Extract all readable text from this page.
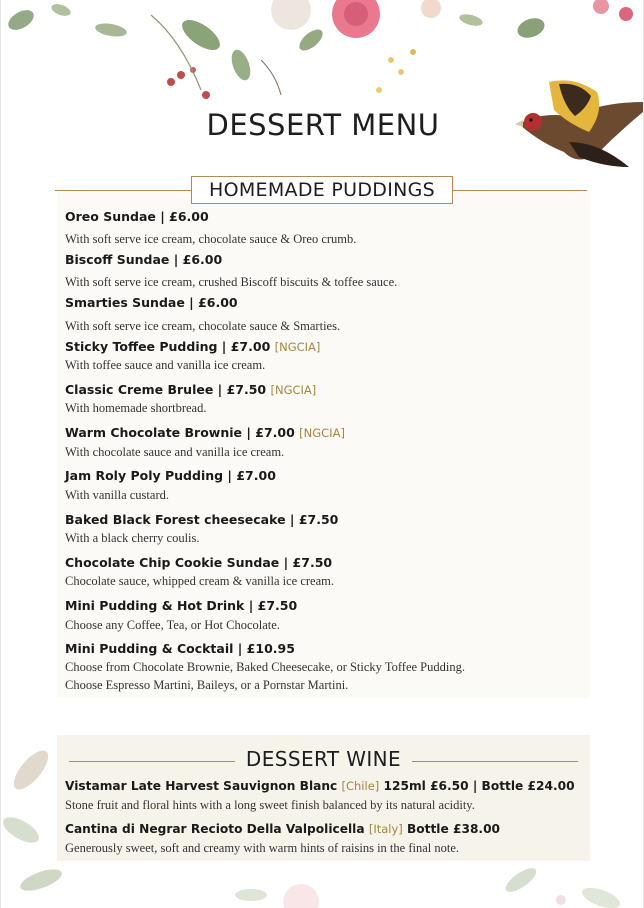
DESSERT MENU
HOMEMADE PUDDINGS
Oreo Sundae | £6.00
With soft serve ice cream, chocolate sauce & Oreo crumb.
Biscoff Sundae | £6.00
With soft serve ice cream, crushed Biscoff biscuits & toffee sauce.
Smarties Sundae | £6.00
With soft serve ice cream, chocolate sauce & Smarties.
Sticky Toffee Pudding | £7.00 [NGCIA]
With toffee sauce and vanilla ice cream.
Classic Creme Brulee | £7.50 [NGCIA]
With homemade shortbread.
Warm Chocolate Brownie | £7.00 [NGCIA]
With chocolate sauce and vanilla ice cream.
Jam Roly Poly Pudding | £7.00
With vanilla custard.
Baked Black Forest cheesecake | £7.50
With a black cherry coulis.
Chocolate Chip Cookie Sundae | £7.50
Chocolate sauce, whipped cream & vanilla ice cream.
Mini Pudding & Hot Drink | £7.50
Choose any Coffee, Tea, or Hot Chocolate.
Mini Pudding & Cocktail | £10.95
Choose from Chocolate Brownie, Baked Cheesecake, or Sticky Toffee Pudding.
Choose Espresso Martini, Baileys, or a Pornstar Martini.
DESSERT WINE
Vistamar Late Harvest Sauvignon Blanc [Chile] 125ml £6.50 | Bottle £24.00
Stone fruit and floral hints with a long sweet finish balanced by its natural acidity.
Cantina di Negrar Recioto Della Valpolicella [Italy] Bottle £38.00
Generously sweet, soft and creamy with warm hints of raisins in the final note.
